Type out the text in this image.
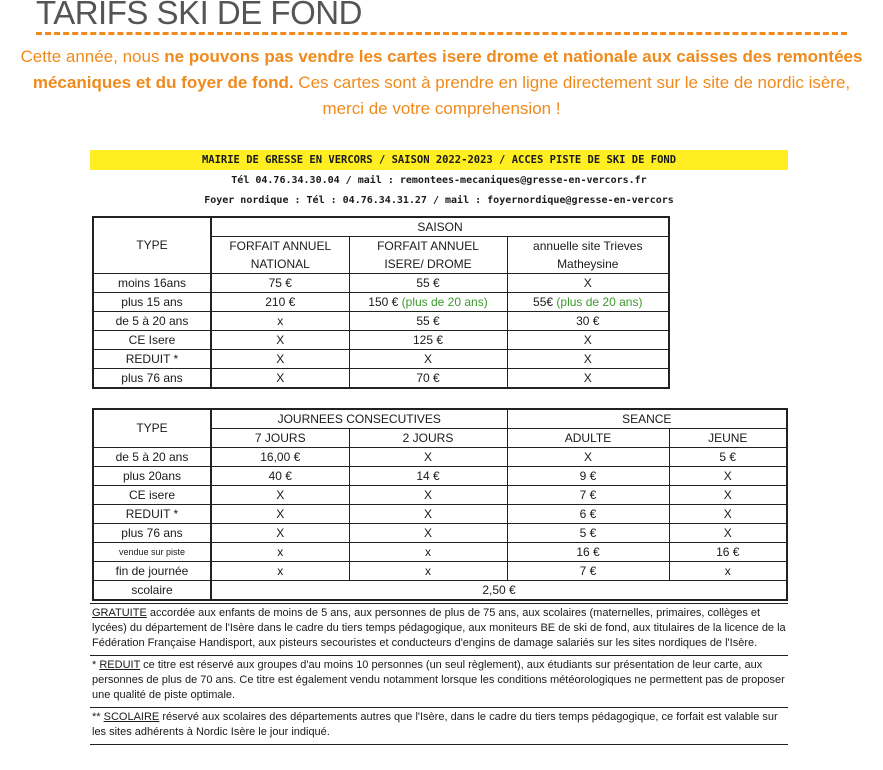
TARIFS SKI DE FOND
Cette année, nous ne pouvons pas vendre les cartes isere drome et nationale aux caisses des remontées mécaniques et du foyer de fond. Ces cartes sont à prendre en ligne directement sur le site de nordic isère, merci de votre comprehension !
MAIRIE DE GRESSE EN VERCORS / SAISON 2022-2023 / ACCES PISTE DE SKI DE FOND
Tél 04.76.34.30.04 / mail : remontees-mecaniques@gresse-en-vercors.fr
Foyer nordique : Tél : 04.76.34.31.27 / mail : foyernordique@gresse-en-vercors
TYPE	SAISON		
	FORFAIT ANNUEL	FORFAIT ANNUEL	annuelle site Trieves
	NATIONAL	ISERE/ DROME	Matheysine
moins 16ans	75 €	55 €	X
plus 15 ans	210 €	150 € (plus de 20 ans)	55€ (plus de 20 ans)
de 5 à 20 ans	x	55 €	30 €
CE Isere	X	125 €	X
REDUIT *	X	X	X
plus 76 ans	X	70 €	X
TYPE	JOURNEES CONSECUTIVES		SEANCE	
	7 JOURS	2 JOURS	ADULTE	JEUNE
de 5 à 20 ans	16,00 €	X	X	5 €
plus 20ans	40 €	14 €	9 €	X
CE isere	X	X	7 €	X
REDUIT *	X	X	6 €	X
plus 76 ans	X	X	5 €	X
vendue sur piste	x	x	16 €	16 €
fin de journée	x	x	7 €	x
scolaire	2,50 €			
GRATUITE accordée aux enfants de moins de 5 ans, aux personnes de plus de 75 ans, aux scolaires (maternelles, primaires, collèges et lycées) du département de l'Isère dans le cadre du tiers temps pédagogique, aux moniteurs BE de ski de fond, aux titulaires de la licence de la Fédération Française Handisport, aux pisteurs secouristes et conducteurs d'engins de damage salariés sur les sites nordiques de l'Isère.
* REDUIT ce titre est réservé aux groupes d'au moins 10 personnes (un seul règlement), aux étudiants sur présentation de leur carte, aux personnes de plus de 70 ans. Ce titre est également vendu notamment lorsque les conditions météorologiques ne permettent pas de proposer une qualité de piste optimale.
** SCOLAIRE réservé aux scolaires des départements autres que l'Isère, dans le cadre du tiers temps pédagogique, ce forfait est valable sur les sites adhérents à Nordic Isère le jour indiqué.
